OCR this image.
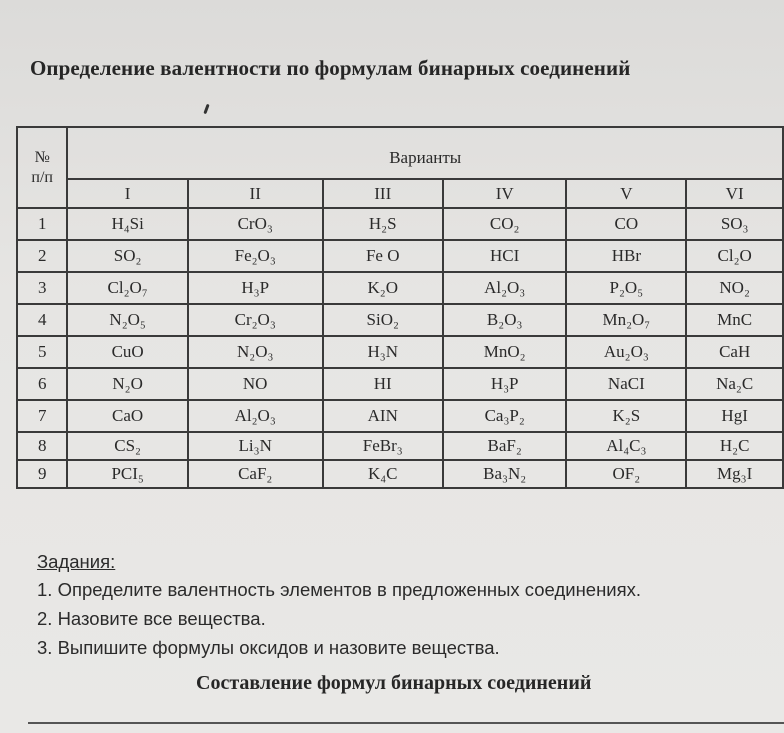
Определение валентности по формулам бинарных соединений
№
п/п	Варианты					
	I	II	III	IV	V	VI
1	H₄Si	CrO₃	H₂S	CO₂	CO	SO₃
2	SO₂	Fe₂O₃	Fe O	HCI	HBr	Cl₂O
3	Cl₂O₇	H₃P	K₂O	Al₂O₃	P₂O₅	NO₂
4	N₂O₅	Cr₂O₃	SiO₂	B₂O₃	Mn₂O₇	MnC
5	CuO	N₂O₃	H₃N	MnO₂	Au₂O₃	CaH
6	N₂O	NO	HI	H₃P	NaCI	Na₂C
7	CaO	Al₂O₃	AIN	Ca₃P₂	K₂S	HgI
8	CS₂	Li₃N	FeBr₃	BaF₂	Al₄C₃	H₂C
9	PCI₅	CaF₂	K₄C	Ba₃N₂	OF₂	Mg₃I
Задания:
1. Определите валентность элементов в предложенных соединениях.
2. Назовите все вещества.
3. Выпишите формулы оксидов и назовите вещества.
Составление формул бинарных соединений
